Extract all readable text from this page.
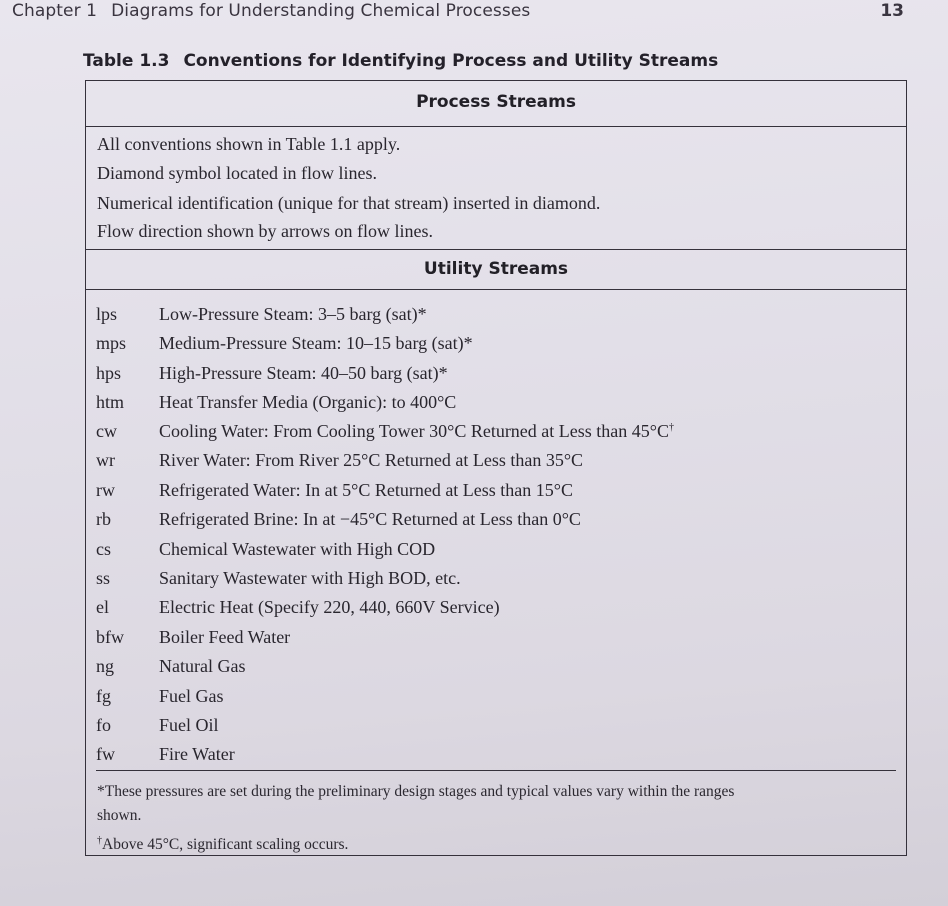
Chapter 1 Diagrams for Understanding Chemical Processes	13
Table 1.3 Conventions for Identifying Process and Utility Streams
Process Streams
All conventions shown in Table 1.1 apply.
Diamond symbol located in flow lines.
Numerical identification (unique for that stream) inserted in diamond.
Flow direction shown by arrows on flow lines.
Utility Streams
lps Low-Pressure Steam: 3–5 barg (sat)*
mps Medium-Pressure Steam: 10–15 barg (sat)*
hps High-Pressure Steam: 40–50 barg (sat)*
htm Heat Transfer Media (Organic): to 400°C
cw Cooling Water: From Cooling Tower 30°C Returned at Less than 45°C†
wr River Water: From River 25°C Returned at Less than 35°C
rw Refrigerated Water: In at 5°C Returned at Less than 15°C
rb	Refrigerated Brine: In at −45°C Returned at Less than 0°C
cs	Chemical Wastewater with High COD
ss	Sanitary Wastewater with High BOD, etc.
el	Electric Heat (Specify 220, 440, 660V Service)
bfw Boiler Feed Water
ng	Natural Gas
fg	Fuel Gas
fo	Fuel Oil
fw Fire Water
*These pressures are set during the preliminary design stages and typical values vary within the ranges
shown.
†Above 45°C, significant scaling occurs.
